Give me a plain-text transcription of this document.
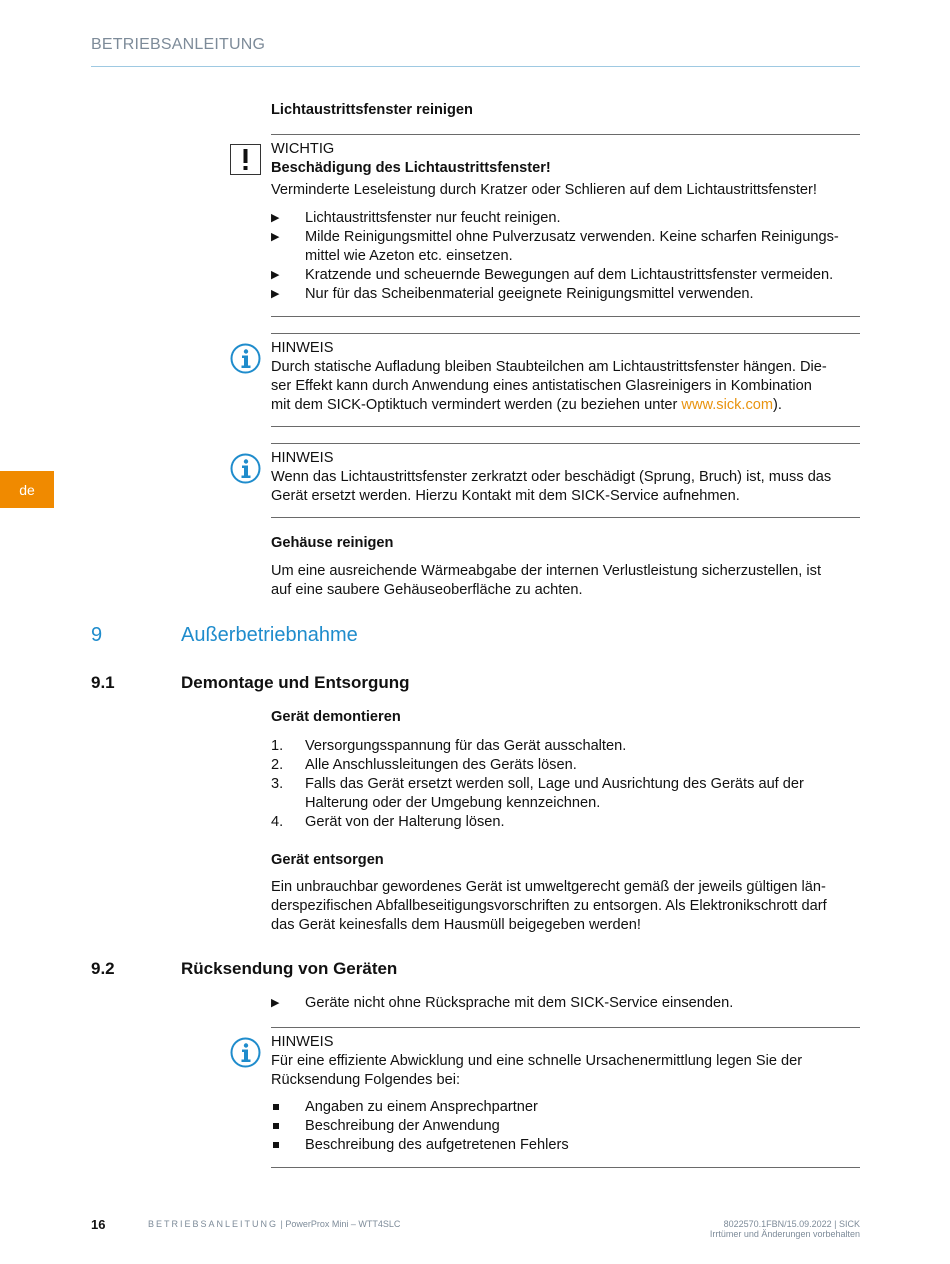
BETRIEBSANLEITUNG
de
Lichtaustrittsfenster reinigen
WICHTIG
Beschädigung des Lichtaustrittsfenster!
Verminderte Leseleistung durch Kratzer oder Schlieren auf dem Lichtaustrittsfenster!
▶	Lichtaustrittsfenster nur feucht reinigen.
▶	Milde Reinigungsmittel ohne Pulverzusatz verwenden. Keine scharfen Reinigungs-
mittel wie Azeton etc. einsetzen.
▶	Kratzende und scheuernde Bewegungen auf dem Lichtaustrittsfenster vermeiden.
▶	Nur für das Scheibenmaterial geeignete Reinigungsmittel verwenden.
HINWEIS
Durch statische Aufladung bleiben Staubteilchen am Lichtaustrittsfenster hängen. Die-
ser Effekt kann durch Anwendung eines antistatischen Glasreinigers in Kombination
mit dem SICK-Optiktuch vermindert werden (zu beziehen unter www.sick.com).
HINWEIS
Wenn das Lichtaustrittsfenster zerkratzt oder beschädigt (Sprung, Bruch) ist, muss das
Gerät ersetzt werden. Hierzu Kontakt mit dem SICK-Service aufnehmen.
Gehäuse reinigen
Um eine ausreichende Wärmeabgabe der internen Verlustleistung sicherzustellen, ist
auf eine saubere Gehäuseoberfläche zu achten.
9	Außerbetriebnahme
9.1	Demontage und Entsorgung
Gerät demontieren
1.	Versorgungsspannung für das Gerät ausschalten.
2.	Alle Anschlussleitungen des Geräts lösen.
3.	Falls das Gerät ersetzt werden soll, Lage und Ausrichtung des Geräts auf der
Halterung oder der Umgebung kennzeichnen.
4.	Gerät von der Halterung lösen.
Gerät entsorgen
Ein unbrauchbar gewordenes Gerät ist umweltgerecht gemäß der jeweils gültigen län-
derspezifischen Abfallbeseitigungsvorschriften zu entsorgen. Als Elektronikschrott darf
das Gerät keinesfalls dem Hausmüll beigegeben werden!
9.2	Rücksendung von Geräten
▶	Geräte nicht ohne Rücksprache mit dem SICK-Service einsenden.
HINWEIS
Für eine effiziente Abwicklung und eine schnelle Ursachenermittlung legen Sie der
Rücksendung Folgendes bei:
Angaben zu einem Ansprechpartner
Beschreibung der Anwendung
Beschreibung des aufgetretenen Fehlers
16	BETRIEBSANLEITUNG | PowerProx Mini – WTT4SLC	8022570.1FBN/15.09.2022 | SICK
Irrtümer und Änderungen vorbehalten
